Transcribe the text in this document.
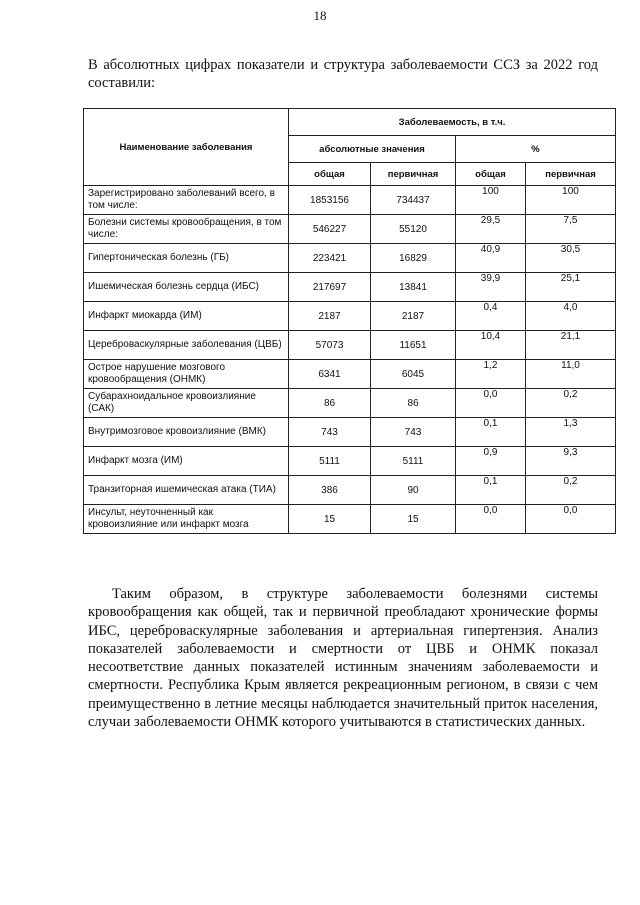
18

В абсолютных цифрах показатели и структура заболеваемости ССЗ за 2022 год составили:

Наименование заболевания	Заболеваемость, в т.ч.			
	абсолютные значения		%	
	общая	первичная	общая	первичная
Зарегистрировано заболеваний всего, в том числе:	1853156	734437	100	100
Болезни системы кровообращения, в том числе:	546227	55120	29,5	7,5
Гипертоническая болезнь (ГБ)	223421	16829	40,9	30,5
Ишемическая болезнь сердца (ИБС)	217697	13841	39,9	25,1
Инфаркт миокарда (ИМ)	2187	2187	0,4	4,0
Цереброваскулярные заболевания (ЦВБ)	57073	11651	10,4	21,1
Острое нарушение мозгового кровообращения (ОНМК)	6341	6045	1,2	11,0
Субарахноидальное кровоизлияние (САК)	86	86	0,0	0,2
Внутримозговое кровоизлияние (ВМК)	743	743	0,1	1,3
Инфаркт мозга (ИМ)	5111	5111	0,9	9,3
Транзиторная ишемическая атака (ТИА)	386	90	0,1	0,2
Инсульт, неуточненный как кровоизлияние или инфаркт мозга	15	15	0,0	0,0

Таким образом, в структуре заболеваемости болезнями системы кровообращения как общей, так и первичной преобладают хронические формы ИБС, цереброваскулярные заболевания и артериальная гипертензия. Анализ показателей заболеваемости и смертности от ЦВБ и ОНМК показал несоответствие данных показателей истинным значениям заболеваемости и смертности. Республика Крым является рекреационным регионом, в связи с чем преимущественно в летние месяцы наблюдается значительный приток населения, случаи заболеваемости ОНМК которого учитываются в статистических данных.
